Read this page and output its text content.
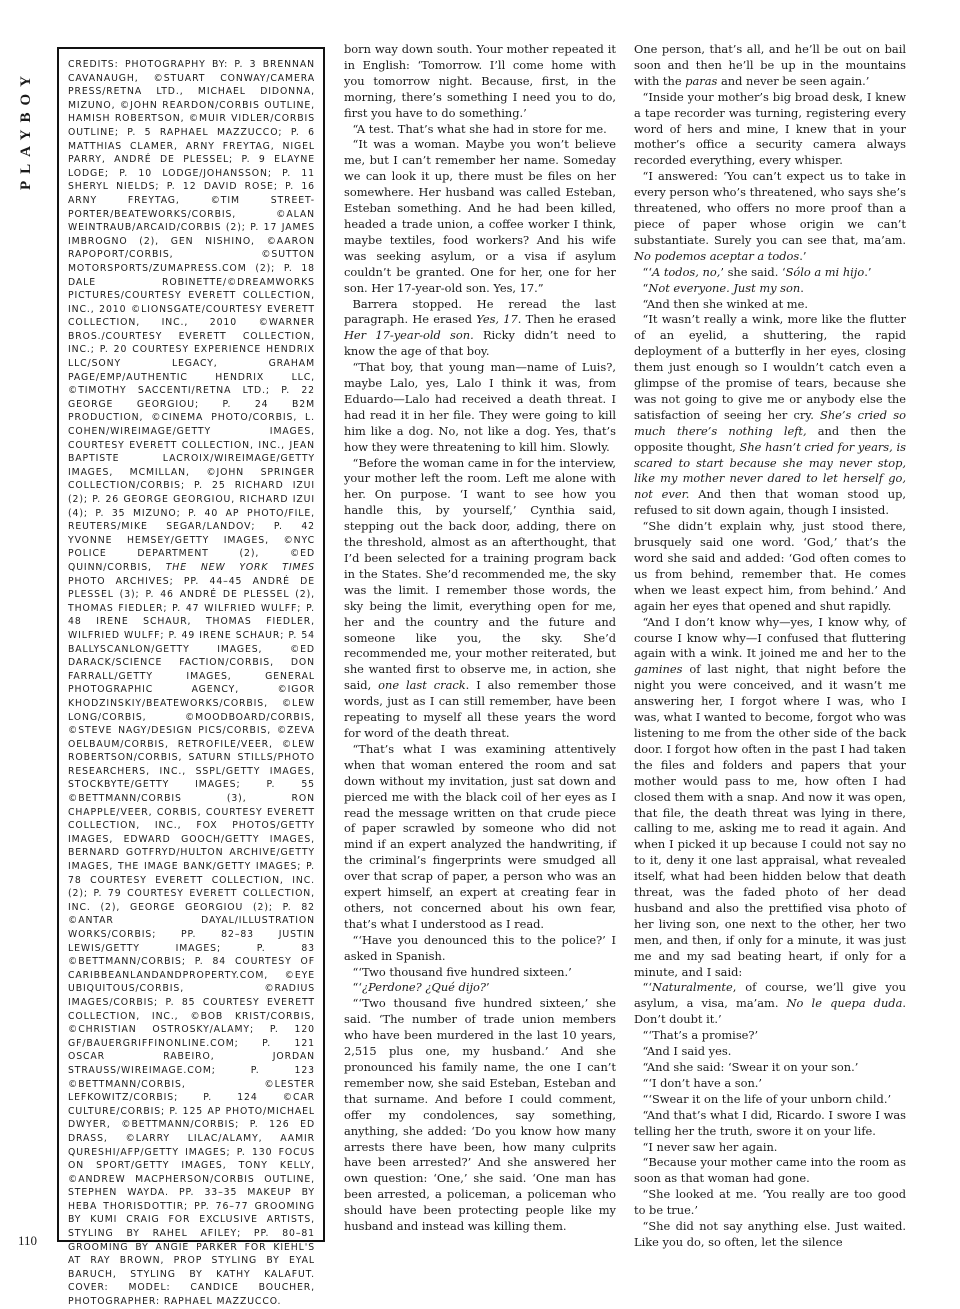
PLAYBOY

CREDITS: PHOTOGRAPHY BY: P. 3 BRENNAN CAVANAUGH, ©STUART CONWAY/CAMERA PRESS/RETNA LTD., MICHAEL DIDONNA, MIZUNO, ©JOHN REARDON/CORBIS OUTLINE, HAMISH ROBERTSON, ©MUIR VIDLER/CORBIS OUTLINE; P. 5 RAPHAEL MAZZUCCO; P. 6 MATTHIAS CLAMER, ARNY FREYTAG, NIGEL PARRY, ANDRÉ DE PLESSEL; P. 9 ELAYNE LODGE; P. 10 LODGE/JOHANSSON; P. 11 SHERYL NIELDS; P. 12 DAVID ROSE; P. 16 ARNY FREYTAG, ©TIM STREET-PORTER/BEATEWORKS/CORBIS, ©ALAN WEINTRAUB/ARCAID/CORBIS (2); P. 17 JAMES IMBROGNO (2), GEN NISHINO, ©AARON RAPOPORT/CORBIS, ©SUTTON MOTORSPORTS/ZUMAPRESS.COM (2); P. 18 DALE ROBINETTE/©DREAMWORKS PICTURES/COURTESY EVERETT COLLECTION, INC., 2010 ©LIONSGATE/COURTESY EVERETT COLLECTION, INC., 2010 ©WARNER BROS./COURTESY EVERETT COLLECTION, INC.; P. 20 COURTESY EXPERIENCE HENDRIX LLC/SONY LEGACY, GRAHAM PAGE/EMP/AUTHENTIC HENDRIX LLC, ©TIMOTHY SACCENTI/RETNA LTD.; P. 22 GEORGE GEORGIOU; P. 24 B2M PRODUCTION, ©CINEMA PHOTO/CORBIS, L. COHEN/WIREIMAGE/GETTY IMAGES, COURTESY EVERETT COLLECTION, INC., JEAN BAPTISTE LACROIX/WIREIMAGE/GETTY IMAGES, MCMILLAN, ©JOHN SPRINGER COLLECTION/CORBIS; P. 25 RICHARD IZUI (2); P. 26 GEORGE GEORGIOU, RICHARD IZUI (4); P. 35 MIZUNO; P. 40 AP PHOTO/FILE, REUTERS/MIKE SEGAR/LANDOV; P. 42 YVONNE HEMSEY/GETTY IMAGES, ©NYC POLICE DEPARTMENT (2), ©ED QUINN/CORBIS, THE NEW YORK TIMES PHOTO ARCHIVES; PP. 44–45 ANDRÉ DE PLESSEL (3); P. 46 ANDRÉ DE PLESSEL (2), THOMAS FIEDLER; P. 47 WILFRIED WULFF; P. 48 IRENE SCHAUR, THOMAS FIEDLER, WILFRIED WULFF; P. 49 IRENE SCHAUR; P. 54 BALLYSCANLON/GETTY IMAGES, ©ED DARACK/SCIENCE FACTION/CORBIS, DON FARRALL/GETTY IMAGES, GENERAL PHOTOGRAPHIC AGENCY, ©IGOR KHODZINSKIY/BEATEWORKS/CORBIS, ©LEW LONG/CORBIS, ©MOODBOARD/CORBIS, ©STEVE NAGY/DESIGN PICS/CORBIS, ©ZEVA OELBAUM/CORBIS, RETROFILE/VEER, ©LEW ROBERTSON/CORBIS, SATURN STILLS/PHOTO RESEARCHERS, INC., SSPL/GETTY IMAGES, STOCKBYTE/GETTY IMAGES; P. 55 ©BETTMANN/CORBIS (3), RON CHAPPLE/VEER, CORBIS, COURTESY EVERETT COLLECTION, INC., FOX PHOTOS/GETTY IMAGES, EDWARD GOOCH/GETTY IMAGES, BERNARD GOTFRYD/HULTON ARCHIVE/GETTY IMAGES, THE IMAGE BANK/GETTY IMAGES; P. 78 COURTESY EVERETT COLLECTION, INC. (2); P. 79 COURTESY EVERETT COLLECTION, INC. (2), GEORGE GEORGIOU (2); P. 82 ©ANTAR DAYAL/ILLUSTRATION WORKS/CORBIS; PP. 82–83 JUSTIN LEWIS/GETTY IMAGES; P. 83 ©BETTMANN/CORBIS; P. 84 COURTESY OF CARIBBEANLANDANDPROPERTY.COM, ©EYE UBIQUITOUS/CORBIS, ©RADIUS IMAGES/CORBIS; P. 85 COURTESY EVERETT COLLECTION, INC., ©BOB KRIST/CORBIS, ©CHRISTIAN OSTROSKY/ALAMY; P. 120 GF/BAUERGRIFFINONLINE.COM; P. 121 OSCAR RABEIRO, JORDAN STRAUSS/WIREIMAGE.COM; P. 123 ©BETTMANN/CORBIS, ©LESTER LEFKOWITZ/CORBIS; P. 124 ©CAR CULTURE/CORBIS; P. 125 AP PHOTO/MICHAEL DWYER, ©BETTMANN/CORBIS; P. 126 ED DRASS, ©LARRY LILAC/ALAMY, AAMIR QURESHI/AFP/GETTY IMAGES; P. 130 FOCUS ON SPORT/GETTY IMAGES, TONY KELLY, ©ANDREW MACPHERSON/CORBIS OUTLINE, STEPHEN WAYDA. PP. 33–35 MAKEUP BY HEBA THORISDOTTIR; PP. 76–77 GROOMING BY KUMI CRAIG FOR EXCLUSIVE ARTISTS, STYLING BY RAHEL AFILEY; PP. 80–81 GROOMING BY ANGIE PARKER FOR KIEHL'S AT RAY BROWN, PROP STYLING BY EYAL BARUCH, STYLING BY KATHY KALAFUT. COVER: MODEL: CANDICE BOUCHER, PHOTOGRAPHER: RAPHAEL MAZZUCCO.

born way down south. Your mother repeated it in English: ‘Tomorrow. I’ll come home with you tomorrow night. Because, first, in the morning, there’s something I need you to do, first you have to do something.’

“A test. That’s what she had in store for me.

“It was a woman. Maybe you won’t believe me, but I can’t remember her name. Someday we can look it up, there must be files on her somewhere. Her husband was called Esteban, Esteban something. And he had been killed, headed a trade union, a coffee worker I think, maybe textiles, food workers? And his wife was seeking asylum, or a visa if asylum couldn’t be granted. One for her, one for her son. Her 17-year-old son. Yes, 17.”

Barrera stopped. He reread the last paragraph. He erased Yes, 17. Then he erased Her 17-year-old son. Ricky didn’t need to know the age of that boy.

“That boy, that young man—name of Luis?, maybe Lalo, yes, Lalo I think it was, from Eduardo—Lalo had received a death threat. I had read it in her file. They were going to kill him like a dog. No, not like a dog. Yes, that’s how they were threatening to kill him. Slowly.

“Before the woman came in for the interview, your mother left the room. Left me alone with her. On purpose. ‘I want to see how you handle this, by yourself,’ Cynthia said, stepping out the back door, adding, there on the threshold, almost as an afterthought, that I’d been selected for a training program back in the States. She’d recommended me, the sky was the limit. I remember those words, the sky being the limit, everything open for me, her and the country and the future and someone like you, the sky. She’d recommended me, your mother reiterated, but she wanted first to observe me, in action, she said, one last crack. I also remember those words, just as I can still remember, have been repeating to myself all these years the word for word of the death threat.

“That’s what I was examining attentively when that woman entered the room and sat down without my invitation, just sat down and pierced me with the black coil of her eyes as I read the message written on that crude piece of paper scrawled by someone who did not mind if an expert analyzed the handwriting, if the criminal’s fingerprints were smudged all over that scrap of paper, a person who was an expert himself, an expert at creating fear in others, not concerned about his own fear, that’s what I understood as I read.

“‘Have you denounced this to the police?’ I asked in Spanish.

“‘Two thousand five hundred sixteen.’

“‘¿Perdone? ¿Qué dijo?’

“‘Two thousand five hundred sixteen,’ she said. ‘The number of trade union members who have been murdered in the last 10 years, 2,515 plus one, my husband.’ And she pronounced his family name, the one I can’t remember now, she said Esteban, Esteban and that surname. And before I could comment, offer my condolences, say something, anything, she added: ‘Do you know how many arrests there have been, how many culprits have been arrested?’ And she answered her own question: ‘One,’ she said. ‘One man has been arrested, a policeman, a policeman who should have been protecting people like my husband and instead was killing them.

One person, that’s all, and he’ll be out on bail soon and then he’ll be up in the mountains with the paras and never be seen again.’

“Inside your mother’s big broad desk, I knew a tape recorder was turning, registering every word of hers and mine, I knew that in your mother’s office a security camera always recorded everything, every whisper.

“I answered: ‘You can’t expect us to take in every person who’s threatened, who says she’s threatened, who offers no more proof than a piece of paper whose origin we can’t substantiate. Surely you can see that, ma’am. No podemos aceptar a todos.’

“‘A todos, no,’ she said. ‘Sólo a mi hijo.’

“Not everyone. Just my son.

“And then she winked at me.

“It wasn’t really a wink, more like the flutter of an eyelid, a shuttering, the rapid deployment of a butterfly in her eyes, closing them just enough so I wouldn’t catch even a glimpse of the promise of tears, because she was not going to give me or anybody else the satisfaction of seeing her cry. She’s cried so much there’s nothing left, and then the opposite thought, She hasn’t cried for years, is scared to start because she may never stop, like my mother never dared to let herself go, not ever. And then that woman stood up, refused to sit down again, though I insisted.

“She didn’t explain why, just stood there, brusquely said one word. ‘God,’ that’s the word she said and added: ‘God often comes to us from behind, remember that. He comes when we least expect him, from behind.’ And again her eyes that opened and shut rapidly.

“And I don’t know why—yes, I know why, of course I know why—I confused that fluttering again with a wink. It joined me and her to the gamines of last night, that night before the night you were conceived, and it wasn’t me answering her, I forgot where I was, who I was, what I wanted to become, forgot who was listening to me from the other side of the back door. I forgot how often in the past I had taken the files and folders and papers that your mother would pass to me, how often I had closed them with a snap. And now it was open, that file, the death threat was lying in there, calling to me, asking me to read it again. And when I picked it up because I could not say no to it, deny it one last appraisal, what revealed itself, what had been hidden below that death threat, was the faded photo of her dead husband and also the prettified visa photo of her living son, one next to the other, her two men, and then, if only for a minute, it was just me and my sad beating heart, if only for a minute, and I said:

“‘Naturalmente, of course, we’ll give you asylum, a visa, ma’am. No le quepa duda. Don’t doubt it.’

“‘That’s a promise?’

“And I said yes.

“And she said: ‘Swear it on your son.’

“‘I don’t have a son.’

“‘Swear it on the life of your unborn child.’

“And that’s what I did, Ricardo. I swore I was telling her the truth, swore it on your life.

“I never saw her again.

“Because your mother came into the room as soon as that woman had gone.

“She looked at me. ‘You really are too good to be true.’

“She did not say anything else. Just waited. Like you do, so often, let the silence

110
